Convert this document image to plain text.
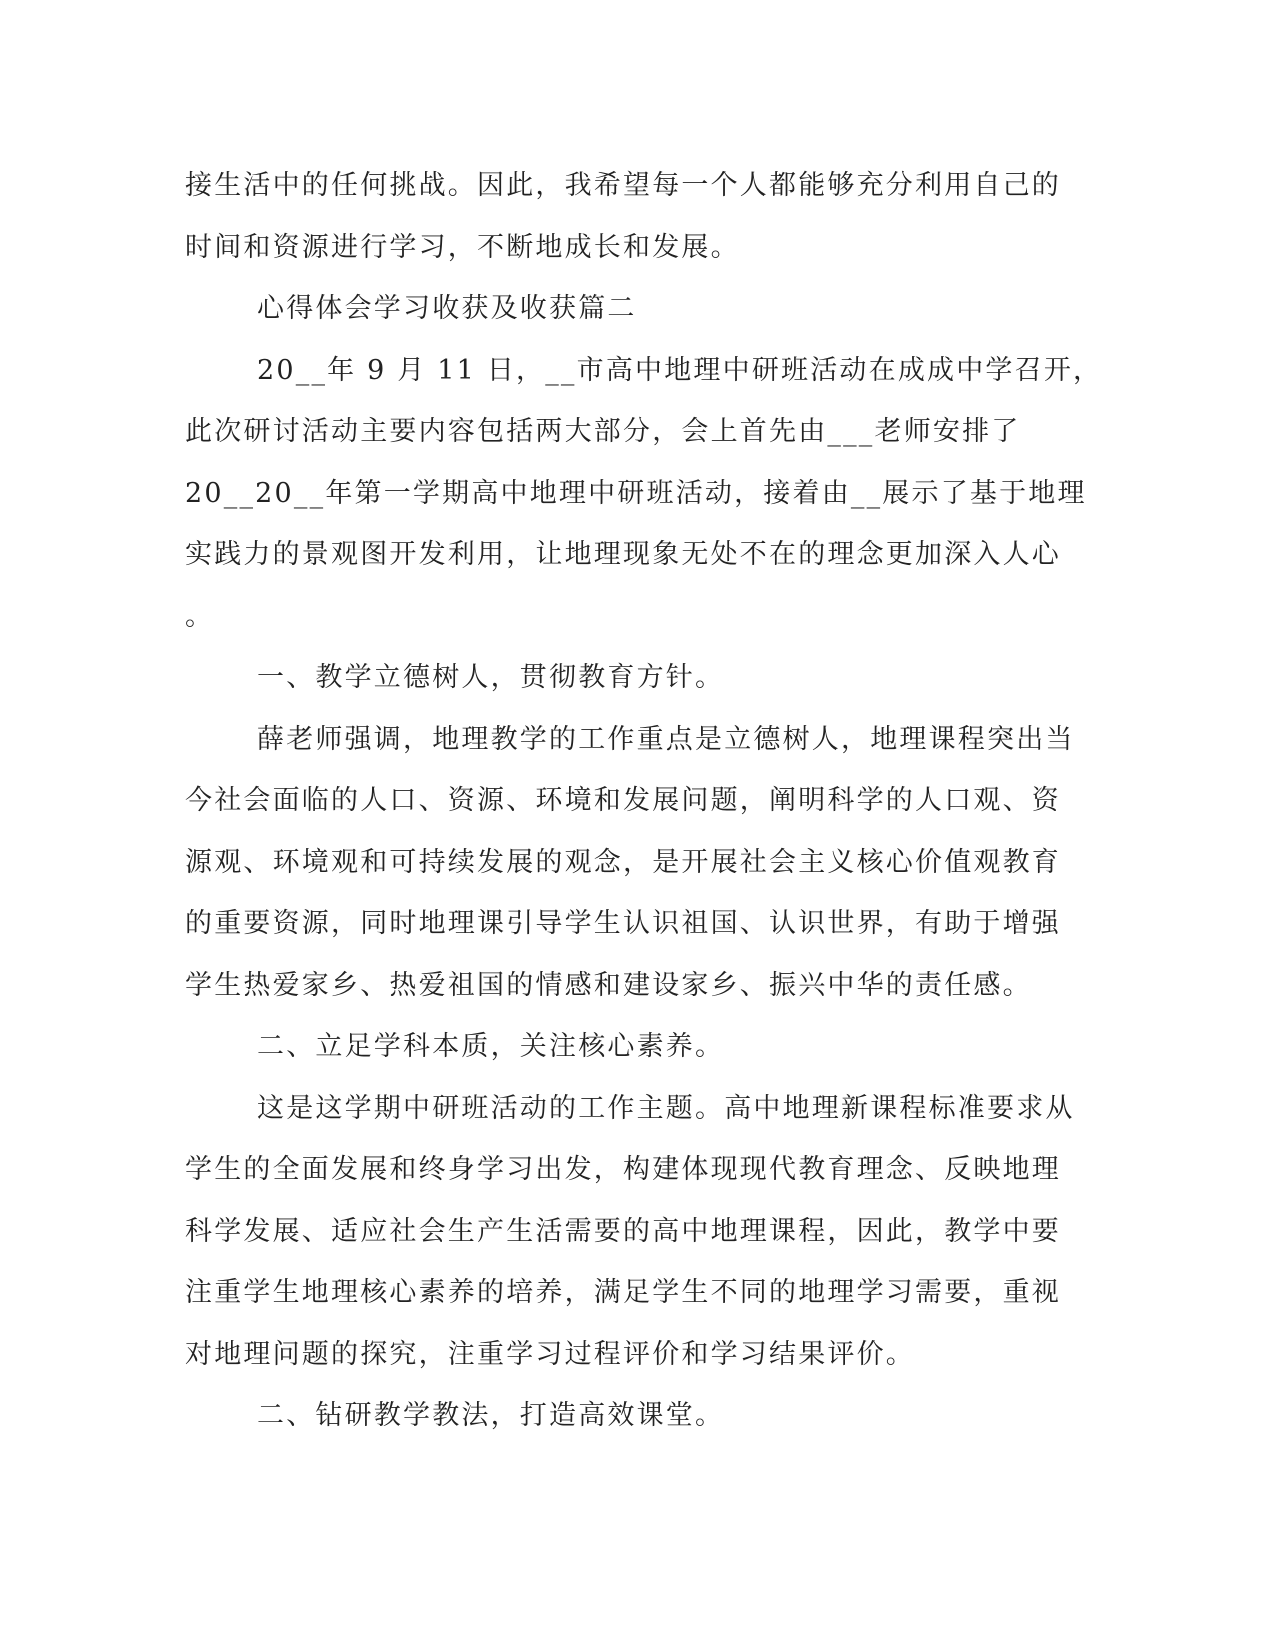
接生活中的任何挑战。因此，我希望每一个人都能够充分利用自己的
时间和资源进行学习，不断地成长和发展。
心得体会学习收获及收获篇二
20__年 9 月 11 日，__市高中地理中研班活动在成成中学召开，
此次研讨活动主要内容包括两大部分，会上首先由___老师安排了
20__20__年第一学期高中地理中研班活动，接着由__展示了基于地理
实践力的景观图开发利用，让地理现象无处不在的理念更加深入人心
。
一、教学立德树人，贯彻教育方针。
薛老师强调，地理教学的工作重点是立德树人，地理课程突出当
今社会面临的人口、资源、环境和发展问题，阐明科学的人口观、资
源观、环境观和可持续发展的观念，是开展社会主义核心价值观教育
的重要资源，同时地理课引导学生认识祖国、认识世界，有助于增强
学生热爱家乡、热爱祖国的情感和建设家乡、振兴中华的责任感。
二、立足学科本质，关注核心素养。
这是这学期中研班活动的工作主题。高中地理新课程标准要求从
学生的全面发展和终身学习出发，构建体现现代教育理念、反映地理
科学发展、适应社会生产生活需要的高中地理课程，因此，教学中要
注重学生地理核心素养的培养，满足学生不同的地理学习需要，重视
对地理问题的探究，注重学习过程评价和学习结果评价。
二、钻研教学教法，打造高效课堂。
